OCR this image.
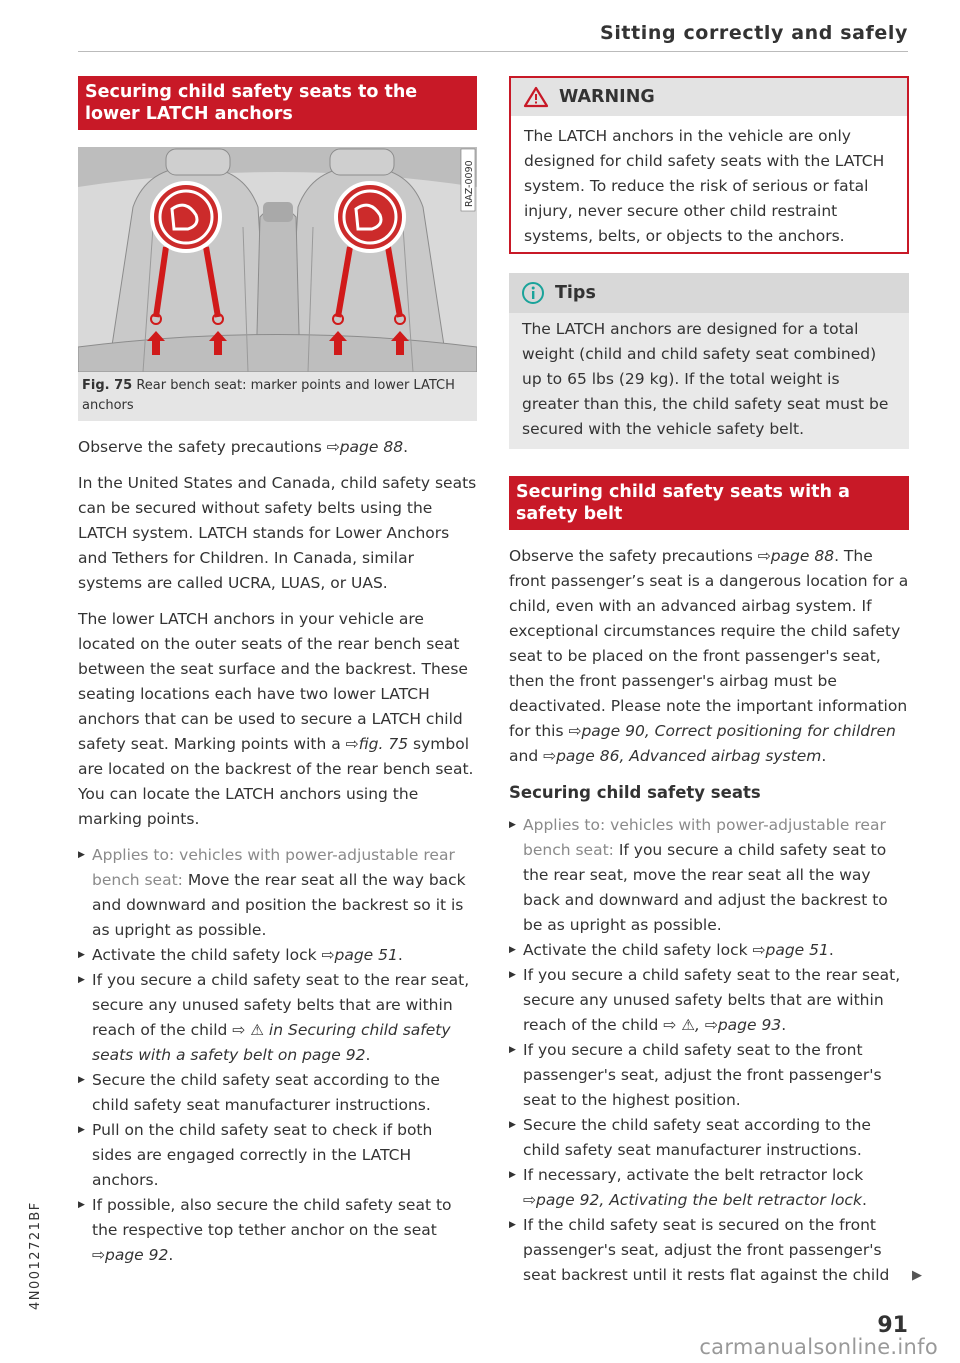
Sitting correctly and safely
Securing child safety seats to the lower LATCH anchors
RAZ-0090
Fig. 75 Rear bench seat: marker points and lower LATCH anchors

Observe the safety precautions ⇨page 88.

In the United States and Canada, child safety seats can be secured without safety belts using the LATCH system. LATCH stands for Lower Anchors and Tethers for Children. In Canada, similar systems are called UCRA, LUAS, or UAS.

The lower LATCH anchors in your vehicle are located on the outer seats of the rear bench seat between the seat surface and the backrest. These seating locations each have two lower LATCH anchors that can be used to secure a LATCH child safety seat. Marking points with a ⇨fig. 75 symbol are located on the backrest of the rear bench seat. You can locate the LATCH anchors using the marking points.

▶ Applies to: vehicles with power-adjustable rear bench seat: Move the rear seat all the way back and downward and position the backrest so it is as upright as possible.
▶ Activate the child safety lock ⇨page 51.
▶ If you secure a child safety seat to the rear seat, secure any unused safety belts that are within reach of the child ⇨ ⚠ in Securing child safety seats with a safety belt on page 92.
▶ Secure the child safety seat according to the child safety seat manufacturer instructions.
▶ Pull on the child safety seat to check if both sides are engaged correctly in the LATCH anchors.
▶ If possible, also secure the child safety seat to the respective top tether anchor on the seat ⇨page 92.
WARNING

The LATCH anchors in the vehicle are only designed for child safety seats with the LATCH system. To reduce the risk of serious or fatal injury, never secure other child restraint systems, belts, or objects to the anchors.

Tips

The LATCH anchors are designed for a total weight (child and child safety seat combined) up to 65 lbs (29 kg). If the total weight is greater than this, the child safety seat must be secured with the vehicle safety belt.

Securing child safety seats with a safety belt

Observe the safety precautions ⇨page 88. The front passenger’s seat is a dangerous location for a child, even with an advanced airbag system. If exceptional circumstances require the child safety seat to be placed on the front passenger's seat, then the front passenger's airbag must be deactivated. Please note the important information for this ⇨page 90, Correct positioning for children and ⇨page 86, Advanced airbag system.

Securing child safety seats
▶ Applies to: vehicles with power-adjustable rear bench seat: If you secure a child safety seat to the rear seat, move the rear seat all the way back and downward and adjust the backrest to be as upright as possible.
▶ Activate the child safety lock ⇨page 51.
▶ If you secure a child safety seat to the rear seat, secure any unused safety belts that are within reach of the child ⇨ ⚠, ⇨page 93.
▶ If you secure a child safety seat to the front passenger's seat, adjust the front passenger's seat to the highest position.
▶ Secure the child safety seat according to the child safety seat manufacturer instructions.
▶ If necessary, activate the belt retractor lock ⇨page 92, Activating the belt retractor lock.
▶ If the child safety seat is secured on the front passenger's seat, adjust the front passenger's seat backrest until it rests flat against the child	▶
4N0012721BF
91
carmanualsonline.info
